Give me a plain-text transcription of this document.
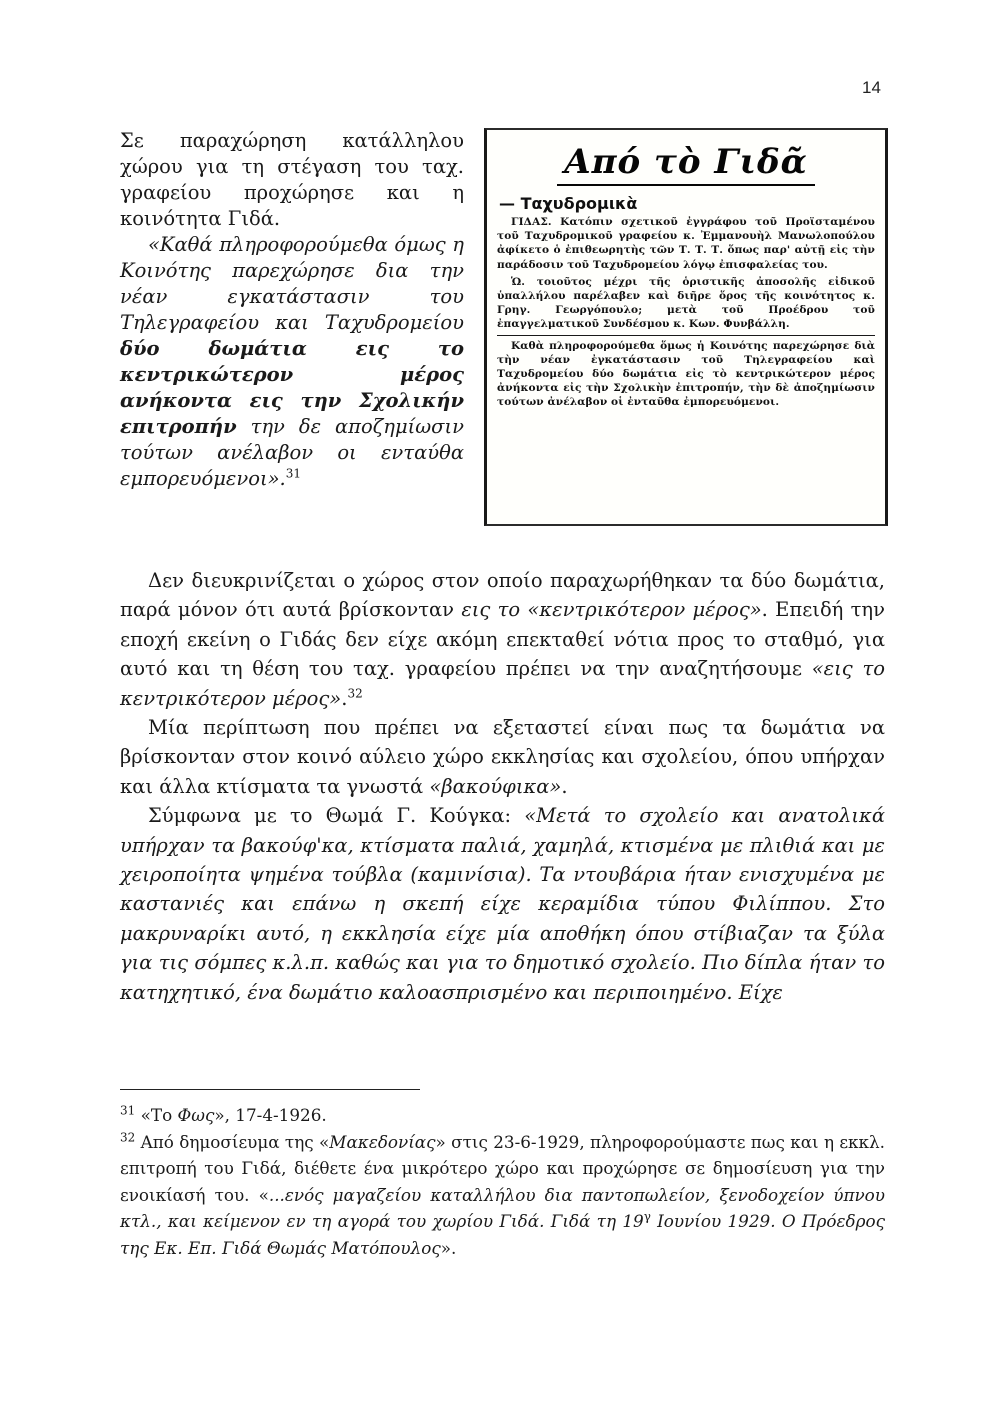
14

Σε παραχώρηση κατάλληλου χώρου για τη στέγαση του ταχ. γραφείου προχώρησε και η κοινότητα Γιδά.

«Καθά πληροφορούμεθα όμως η Κοινότης παρεχώρησε δια την νέαν εγκατάστασιν του Τηλεγραφείου και Ταχυδρομείου δύο δωμάτια εις το κεντρικώτερον μέρος ανήκοντα εις την Σχολικήν επιτροπήν την δε αποζημίωσιν τούτων ανέλαβον οι ενταύθα εμπορευόμενοι».$^{31}$

Από τὸ Γιδᾶ
— Ταχυδρομικὰ

ΓΙΔΑΣ. Κατόπιν σχετικοῦ ἐγγράφου τοῦ Προϊσταμένου τοῦ Ταχυδρομικοῦ γραφείου κ. Ἐμμανουὴλ Μανωλοπούλου ἀφίκετο ὁ ἐπιθεωρητὴς τῶν Τ. Τ. Τ. ὅπως παρ' αὐτῇ εἰς τὴν παράδοσιν τοῦ Ταχυδρομείου λόγῳ ἐπισφαλείας του.

Ὡ. τοιοῦτος μέχρι τῆς ὁριστικῆς ἀποσολῆς εἰδικοῦ ὑπαλλήλου παρέλαβεν καὶ διῆρε ὅρος τῆς κοινότητος κ. Γρηγ. Γεωργόπουλο; μετὰ τοῦ Προέδρου τοῦ ἐπαγγελματικοῦ Συνδέσμου κ. Κων. Φυνβάλλη.

Καθὰ πληροφορούμεθα ὅμως ἡ Κοινότης παρεχώρησε διὰ τὴν νέαν ἐγκατάστασιν τοῦ Τηλεγραφείου καὶ Ταχυδρομείου δύο δωμάτια εἰς τὸ κεντρικώτερον μέρος ἀνήκοντα εἰς τὴν Σχολικὴν ἐπιτροπήν, τὴν δὲ ἀποζημίωσιν τούτων ἀνέλαβον οἱ ἐνταῦθα ἐμπορευόμενοι.

Δεν διευκρινίζεται ο χώρος στον οποίο παραχωρήθηκαν τα δύο δωμάτια, παρά μόνον ότι αυτά βρίσκονταν εις το «κεντρικότερον μέρος». Επειδή την εποχή εκείνη ο Γιδάς δεν είχε ακόμη επεκταθεί νότια προς το σταθμό, για αυτό και τη θέση του ταχ. γραφείου πρέπει να την αναζητήσουμε «εις το κεντρικότερον μέρος».$^{32}$

Μία περίπτωση που πρέπει να εξεταστεί είναι πως τα δωμάτια να βρίσκονταν στον κοινό αύλειο χώρο εκκλησίας και σχολείου, όπου υπήρχαν και άλλα κτίσματα τα γνωστά «βακούφικα».

Σύμφωνα με το Θωμά Γ. Κούγκα: «Μετά το σχολείο και ανατολικά υπήρχαν τα βακούφ'κα, κτίσματα παλιά, χαμηλά, κτισμένα με πλιθιά και με χειροποίητα ψημένα τούβλα (καμινίσια). Τα ντουβάρια ήταν ενισχυμένα με καστανιές και επάνω η σκεπή είχε κεραμίδια τύπου Φιλίππου. Στο μακρυναρίκι αυτό, η εκκλησία είχε μία αποθήκη όπου στίβιαζαν τα ξύλα για τις σόμπες κ.λ.π. καθώς και για το δημοτικό σχολείο. Πιο δίπλα ήταν το κατηχητικό, ένα δωμάτιο καλοασπρισμένο και περιποιημένο. Είχε

$^{31}$ «Το Φως», 17-4-1926.

$^{32}$ Από δημοσίευμα της «Μακεδονίας» στις 23-6-1929, πληροφορούμαστε πως και η εκκλ. επιτροπή του Γιδά, διέθετε ένα μικρότερο χώρο και προχώρησε σε δημοσίευση για την ενοικίασή του. «...ενός μαγαζείου καταλλήλου δια παντοπωλείον, ξενοδοχείον ύπνου κτλ., και κείμενον εν τη αγορά του χωρίου Γιδά. Γιδά τη $19^\gamma$ Ιουνίου 1929. Ο Πρόεδρος της Εκ. Επ. Γιδά Θωμάς Ματόπουλος».
